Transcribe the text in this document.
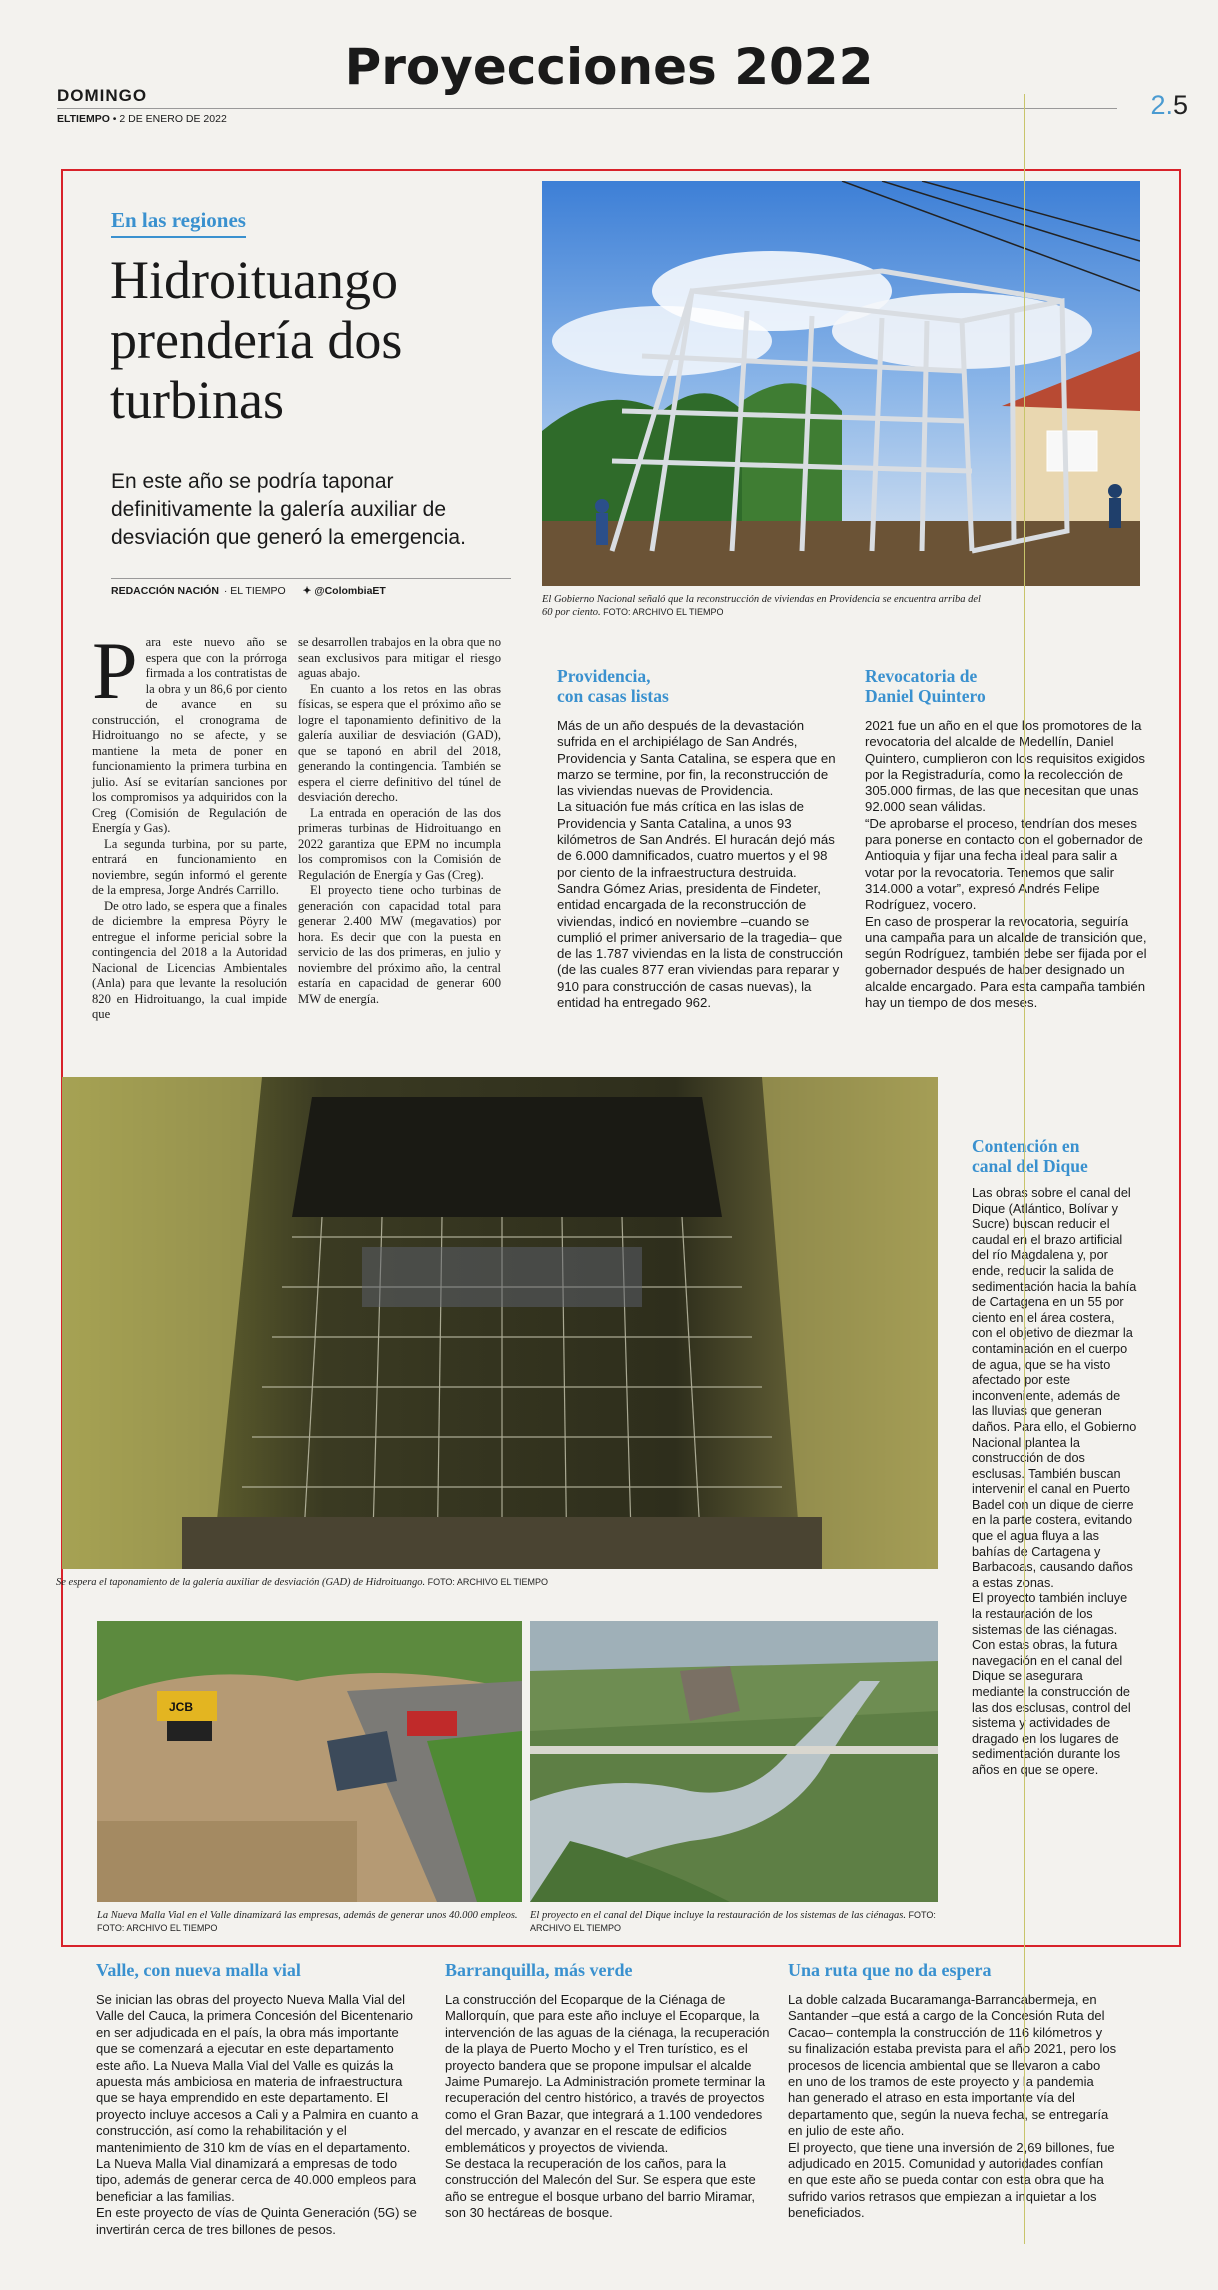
DOMINGO	Proyecciones 2022
ELTIEMPO • 2 DE ENERO DE 2022	2.5
En las regiones
Hidroituango prendería dos turbinas
En este año se podría taponar definitivamente la galería auxiliar de desviación que generó la emergencia.
REDACCIÓN NACIÓN · EL TIEMPO ✦ @ColombiaET

Para este nuevo año se espera que con la prórroga firmada a los contratistas de la obra y un 86,6 por ciento de avance en su construcción, el cronograma de Hidroituango no se afecte, y se mantiene la meta de poner en funcionamiento la primera turbina en julio. Así se evitarían sanciones por los compromisos ya adquiridos con la Creg (Comisión de Regulación de Energía y Gas).

La segunda turbina, por su parte, entrará en funcionamiento en noviembre, según informó el gerente de la empresa, Jorge Andrés Carrillo.

De otro lado, se espera que a finales de diciembre la empresa Pöyry le entregue el informe pericial sobre la contingencia del 2018 a la Autoridad Nacional de Licencias Ambientales (Anla) para que levante la resolución 820 en Hidroituango, la cual impide que

se desarrollen trabajos en la obra que no sean exclusivos para mitigar el riesgo aguas abajo.

En cuanto a los retos en las obras físicas, se espera que el próximo año se logre el taponamiento definitivo de la galería auxiliar de desviación (GAD), que se taponó en abril del 2018, generando la contingencia. También se espera el cierre definitivo del túnel de desviación derecho.

La entrada en operación de las dos primeras turbinas de Hidroituango en 2022 garantiza que EPM no incumpla los compromisos con la Comisión de Regulación de Energía y Gas (Creg).

El proyecto tiene ocho turbinas de generación con capacidad total para generar 2.400 MW (megavatios) por hora. Es decir que con la puesta en servicio de las dos primeras, en julio y noviembre del próximo año, la central estaría en capacidad de generar 600 MW de energía.

El Gobierno Nacional señaló que la reconstrucción de viviendas en Providencia se encuentra arriba del 60 por ciento. FOTO: ARCHIVO EL TIEMPO
Providencia,
con casas listas

Más de un año después de la devastación sufrida en el archipiélago de San Andrés, Providencia y Santa Catalina, se espera que en marzo se termine, por fin, la reconstrucción de las viviendas nuevas de Providencia.

La situación fue más crítica en las islas de Providencia y Santa Catalina, a unos 93 kilómetros de San Andrés. El huracán dejó más de 6.000 damnificados, cuatro muertos y el 98 por ciento de la infraestructura destruida.

Sandra Gómez Arias, presidenta de Findeter, entidad encargada de la reconstrucción de viviendas, indicó en noviembre –cuando se cumplió el primer aniversario de la tragedia– que de las 1.787 viviendas en la lista de construcción (de las cuales 877 eran viviendas para reparar y 910 para construcción de casas nuevas), la entidad ha entregado 962.

Revocatoria de
Daniel Quintero

2021 fue un año en el que los promotores de la revocatoria del alcalde de Medellín, Daniel Quintero, cumplieron con los requisitos exigidos por la Registraduría, como la recolección de 305.000 firmas, de las que necesitan que unas 92.000 sean válidas.

“De aprobarse el proceso, tendrían dos meses para ponerse en contacto con el gobernador de Antioquia y fijar una fecha ideal para salir a votar por la revocatoria. Tenemos que salir 314.000 a votar”, expresó Andrés Felipe Rodríguez, vocero.

En caso de prosperar la revocatoria, seguiría una campaña para un alcalde de transición que, según Rodríguez, también debe ser fijada por el gobernador después de haber designado un alcalde encargado. Para esta campaña también hay un tiempo de dos meses.

Se espera el taponamiento de la galería auxiliar de desviación (GAD) de Hidroituango. FOTO: ARCHIVO EL TIEMPO
Contención en
canal del Dique

Las obras sobre el canal del Dique (Atlántico, Bolívar y Sucre) buscan reducir el caudal en el brazo artificial del río Magdalena y, por ende, reducir la salida de sedimentación hacia la bahía de Cartagena en un 55 por ciento en el área costera, con el objetivo de diezmar la contaminación en el cuerpo de agua, que se ha visto afectado por este inconveniente, además de las lluvias que generan daños. Para ello, el Gobierno Nacional plantea la construcción de dos esclusas. También buscan intervenir el canal en Puerto Badel con un dique de cierre en la parte costera, evitando que el agua fluya a las bahías de Cartagena y Barbacoas, causando daños a estas zonas.

El proyecto también incluye la restauración de los sistemas de las ciénagas. Con estas obras, la futura navegación en el canal del Dique se asegurara mediante la construcción de las dos esclusas, control del sistema y actividades de dragado en los lugares de sedimentación durante los años en que se opere.

JCB
La Nueva Malla Vial en el Valle dinamizará las empresas, además de generar unos 40.000 empleos. FOTO: ARCHIVO EL TIEMPO
El proyecto en el canal del Dique incluye la restauración de los sistemas de las ciénagas. FOTO: ARCHIVO EL TIEMPO
Valle, con nueva malla vial

Se inician las obras del proyecto Nueva Malla Vial del Valle del Cauca, la primera Concesión del Bicentenario en ser adjudicada en el país, la obra más importante que se comenzará a ejecutar en este departamento este año. La Nueva Malla Vial del Valle es quizás la apuesta más ambiciosa en materia de infraestructura que se haya emprendido en este departamento. El proyecto incluye accesos a Cali y a Palmira en cuanto a construcción, así como la rehabilitación y el mantenimiento de 310 km de vías en el departamento. La Nueva Malla Vial dinamizará a empresas de todo tipo, además de generar cerca de 40.000 empleos para beneficiar a las familias.

En este proyecto de vías de Quinta Generación (5G) se invertirán cerca de tres billones de pesos.

Barranquilla, más verde

La construcción del Ecoparque de la Ciénaga de Mallorquín, que para este año incluye el Ecoparque, la intervención de las aguas de la ciénaga, la recuperación de la playa de Puerto Mocho y el Tren turístico, es el proyecto bandera que se propone impulsar el alcalde Jaime Pumarejo. La Administración promete terminar la recuperación del centro histórico, a través de proyectos como el Gran Bazar, que integrará a 1.100 vendedores del mercado, y avanzar en el rescate de edificios emblemáticos y proyectos de vivienda.

Se destaca la recuperación de los caños, para la construcción del Malecón del Sur. Se espera que este año se entregue el bosque urbano del barrio Miramar, son 30 hectáreas de bosque.

Una ruta que no da espera

La doble calzada Bucaramanga-Barrancabermeja, en Santander –que está a cargo de la Concesión Ruta del Cacao– contempla la construcción de 116 kilómetros y su finalización estaba prevista para el año 2021, pero los procesos de licencia ambiental que se llevaron a cabo en uno de los tramos de este proyecto y la pandemia han generado el atraso en esta importante vía del departamento que, según la nueva fecha, se entregaría en julio de este año.

El proyecto, que tiene una inversión de 2,69 billones, fue adjudicado en 2015. Comunidad y autoridades confían en que este año se pueda contar con esta obra que ha sufrido varios retrasos que empiezan a inquietar a los beneficiados.
